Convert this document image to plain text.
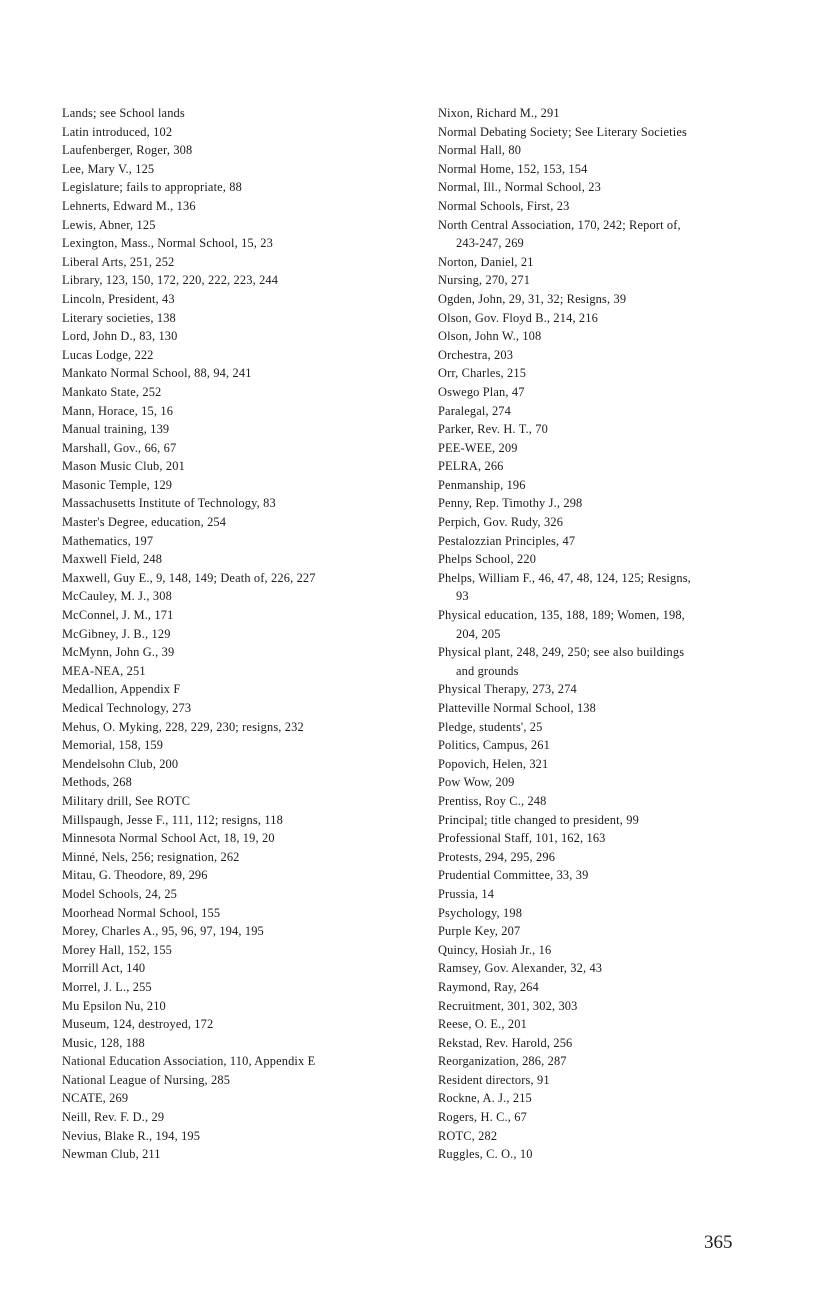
Lands; see School lands
Latin introduced, 102
Laufenberger, Roger, 308
Lee, Mary V., 125
Legislature; fails to appropriate, 88
Lehnerts, Edward M., 136
Lewis, Abner, 125
Lexington, Mass., Normal School, 15, 23
Liberal Arts, 251, 252
Library, 123, 150, 172, 220, 222, 223, 244
Lincoln, President, 43
Literary societies, 138
Lord, John D., 83, 130
Lucas Lodge, 222
Mankato Normal School, 88, 94, 241
Mankato State, 252
Mann, Horace, 15, 16
Manual training, 139
Marshall, Gov., 66, 67
Mason Music Club, 201
Masonic Temple, 129
Massachusetts Institute of Technology, 83
Master's Degree, education, 254
Mathematics, 197
Maxwell Field, 248
Maxwell, Guy E., 9, 148, 149; Death of, 226, 227
McCauley, M. J., 308
McConnel, J. M., 171
McGibney, J. B., 129
McMynn, John G., 39
MEA-NEA, 251
Medallion, Appendix F
Medical Technology, 273
Mehus, O. Myking, 228, 229, 230; resigns, 232
Memorial, 158, 159
Mendelsohn Club, 200
Methods, 268
Military drill, See ROTC
Millspaugh, Jesse F., 111, 112; resigns, 118
Minnesota Normal School Act, 18, 19, 20
Minné, Nels, 256; resignation, 262
Mitau, G. Theodore, 89, 296
Model Schools, 24, 25
Moorhead Normal School, 155
Morey, Charles A., 95, 96, 97, 194, 195
Morey Hall, 152, 155
Morrill Act, 140
Morrel, J. L., 255
Mu Epsilon Nu, 210
Museum, 124, destroyed, 172
Music, 128, 188
National Education Association, 110, Appendix E
National League of Nursing, 285
NCATE, 269
Neill, Rev. F. D., 29
Nevius, Blake R., 194, 195
Newman Club, 211
Nixon, Richard M., 291
Normal Debating Society; See Literary Societies
Normal Hall, 80
Normal Home, 152, 153, 154
Normal, Ill., Normal School, 23
Normal Schools, First, 23
North Central Association, 170, 242; Report of,
243-247, 269
Norton, Daniel, 21
Nursing, 270, 271
Ogden, John, 29, 31, 32; Resigns, 39
Olson, Gov. Floyd B., 214, 216
Olson, John W., 108
Orchestra, 203
Orr, Charles, 215
Oswego Plan, 47
Paralegal, 274
Parker, Rev. H. T., 70
PEE-WEE, 209
PELRA, 266
Penmanship, 196
Penny, Rep. Timothy J., 298
Perpich, Gov. Rudy, 326
Pestalozzian Principles, 47
Phelps School, 220
Phelps, William F., 46, 47, 48, 124, 125; Resigns,
93
Physical education, 135, 188, 189; Women, 198,
204, 205
Physical plant, 248, 249, 250; see also buildings
and grounds
Physical Therapy, 273, 274
Platteville Normal School, 138
Pledge, students', 25
Politics, Campus, 261
Popovich, Helen, 321
Pow Wow, 209
Prentiss, Roy C., 248
Principal; title changed to president, 99
Professional Staff, 101, 162, 163
Protests, 294, 295, 296
Prudential Committee, 33, 39
Prussia, 14
Psychology, 198
Purple Key, 207
Quincy, Hosiah Jr., 16
Ramsey, Gov. Alexander, 32, 43
Raymond, Ray, 264
Recruitment, 301, 302, 303
Reese, O. E., 201
Rekstad, Rev. Harold, 256
Reorganization, 286, 287
Resident directors, 91
Rockne, A. J., 215
Rogers, H. C., 67
ROTC, 282
Ruggles, C. O., 10
365
